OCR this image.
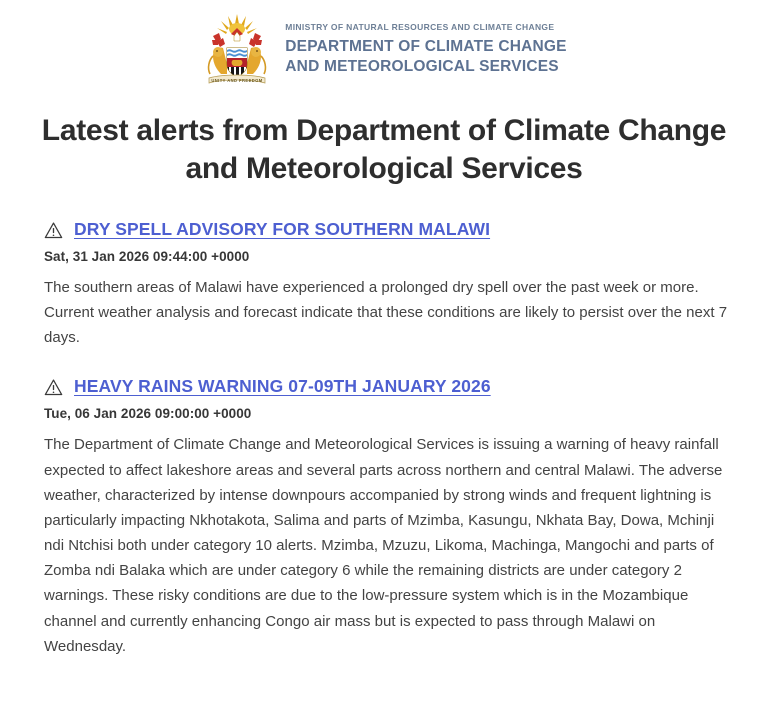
UNITY AND FREEDOM
MINISTRY OF NATURAL RESOURCES AND CLIMATE CHANGE
DEPARTMENT OF CLIMATE CHANGE
AND METEOROLOGICAL SERVICES
Latest alerts from Department of Climate Change and Meteorological Services
DRY SPELL ADVISORY FOR SOUTHERN MALAWI
Sat, 31 Jan 2026 09:44:00 +0000

The southern areas of Malawi have experienced a prolonged dry spell over the past week or more. Current weather analysis and forecast indicate that these conditions are likely to persist over the next 7 days.

HEAVY RAINS WARNING 07-09TH JANUARY 2026
Tue, 06 Jan 2026 09:00:00 +0000

The Department of Climate Change and Meteorological Services is issuing a warning of heavy rainfall expected to affect lakeshore areas and several parts across northern and central Malawi. The adverse weather, characterized by intense downpours accompanied by strong winds and frequent lightning is particularly impacting Nkhotakota, Salima and parts of Mzimba, Kasungu, Nkhata Bay, Dowa, Mchinji ndi Ntchisi both under category 10 alerts. Mzimba, Mzuzu, Likoma, Machinga, Mangochi and parts of Zomba ndi Balaka which are under category 6 while the remaining districts are under category 2 warnings. These risky conditions are due to the low-pressure system which is in the Mozambique channel and currently enhancing Congo air mass but is expected to pass through Malawi on Wednesday.
